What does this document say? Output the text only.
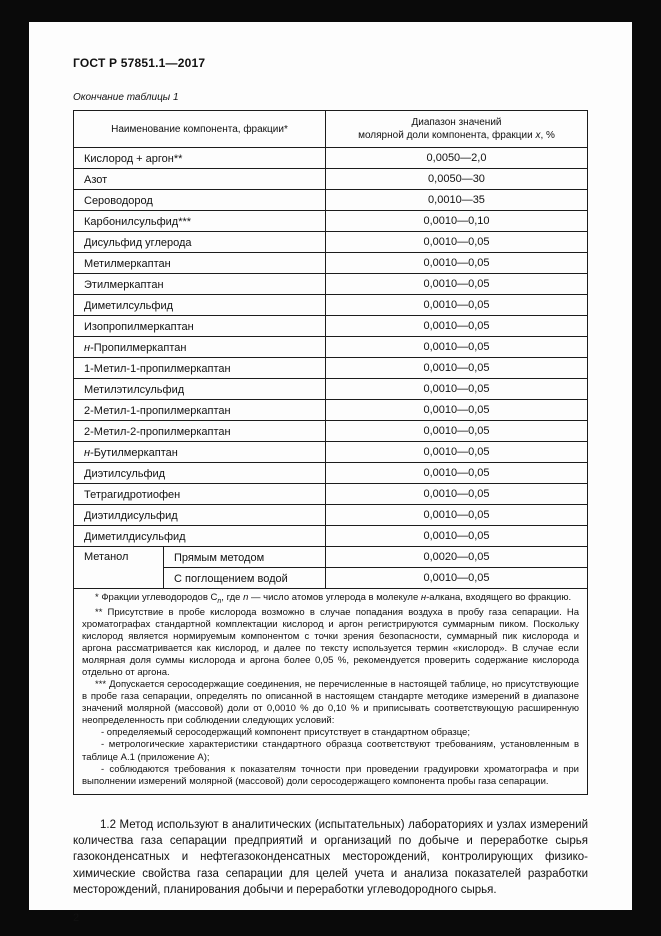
ГОСТ Р 57851.1—2017
Окончание таблицы 1
Наименование компонента, фракции*		Диапазон значений
молярной доли компонента, фракции x, %
Кислород + аргон**		0,0050—2,0
Азот		0,0050—30
Сероводород		0,0010—35
Карбонилсульфид***		0,0010—0,10
Дисульфид углерода		0,0010—0,05
Метилмеркаптан		0,0010—0,05
Этилмеркаптан		0,0010—0,05
Диметилсульфид		0,0010—0,05
Изопропилмеркаптан		0,0010—0,05
н-Пропилмеркаптан		0,0010—0,05
1-Метил-1-пропилмеркаптан		0,0010—0,05
Метилэтилсульфид		0,0010—0,05
2-Метил-1-пропилмеркаптан		0,0010—0,05
2-Метил-2-пропилмеркаптан		0,0010—0,05
н-Бутилмеркаптан		0,0010—0,05
Диэтилсульфид		0,0010—0,05
Тетрагидротиофен		0,0010—0,05
Диэтилдисульфид		0,0010—0,05
Диметилдисульфид		0,0010—0,05
Метанол	Прямым методом	0,0020—0,05
	С поглощением водой	0,0010—0,05

* Фракции углеводородов $С_n$, где n — число атомов углерода в молекуле н-алкана, входящего во фракцию.

** Присутствие в пробе кислорода возможно в случае попадания воздуха в пробу газа сепарации. На хроматографах стандартной комплектации кислород и аргон регистрируются суммарным пиком. Поскольку кислород является нормируемым компонентом с точки зрения безопасности, суммарный пик кислорода и аргона рассматривается как кислород, и далее по тексту используется термин «кислород». В случае если молярная доля суммы кислорода и аргона более 0,05 %, рекомендуется проверить содержание кислорода отдельно от аргона.

*** Допускается серосодержащие соединения, не перечисленные в настоящей таблице, но присутствующие в пробе газа сепарации, определять по описанной в настоящем стандарте методике измерений в диапазоне значений молярной (массовой) доли от 0,0010 % до 0,10 % и приписывать соответствующую расширенную неопределенность при соблюдении следующих условий:

- определяемый серосодержащий компонент присутствует в стандартном образце;

- метрологические характеристики стандартного образца соответствуют требованиям, установленным в таблице А.1 (приложение А);

- соблюдаются требования к показателям точности при проведении градуировки хроматографа и при выполнении измерений молярной (массовой) доли серосодержащего компонента пробы газа сепарации.

1.2 Метод используют в аналитических (испытательных) лабораториях и узлах измерений количества газа сепарации предприятий и организаций по добыче и переработке сырья газоконденсатных и нефтегазоконденсатных месторождений, контролирующих физико-химические свойства газа сепарации для целей учета и анализа показателей разработки месторождений, планирования добычи и переработки углеводородного сырья.

2
